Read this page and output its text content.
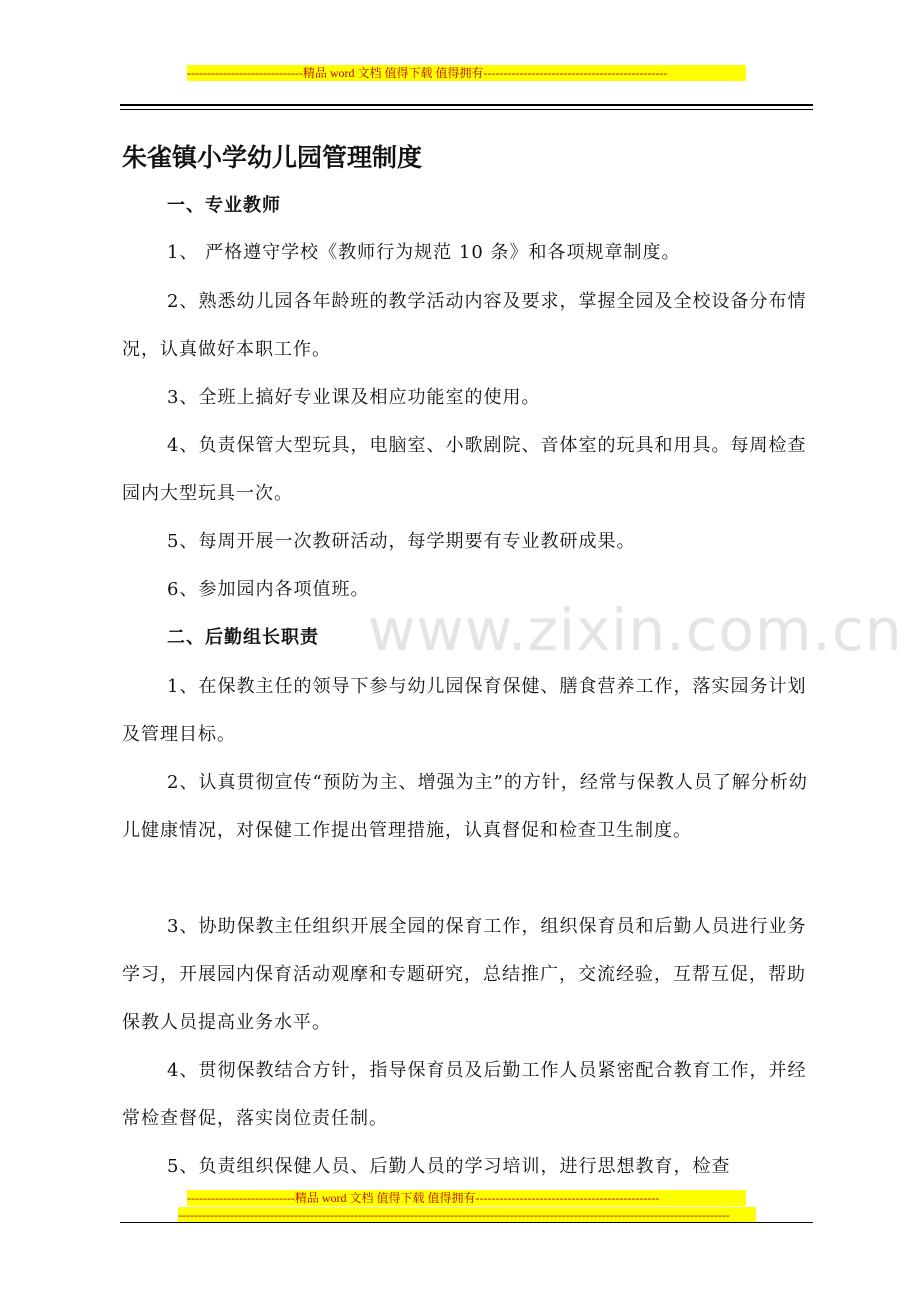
-----------------------------精品 word 文档 值得下载 值得拥有----------------------------------------------
朱雀镇小学幼儿园管理制度
www.zixin.com.cn

一、专业教师

1、 严格遵守学校《教师行为规范 10 条》和各项规章制度。

2、熟悉幼儿园各年龄班的教学活动内容及要求，掌握全园及全校设备分布情况，认真做好本职工作。

3、全班上搞好专业课及相应功能室的使用。

4、负责保管大型玩具，电脑室、小歌剧院、音体室的玩具和用具。每周检查园内大型玩具一次。

5、每周开展一次教研活动，每学期要有专业教研成果。

6、参加园内各项值班。

二、后勤组长职责

1、在保教主任的领导下参与幼儿园保育保健、膳食营养工作，落实园务计划及管理目标。

2、认真贯彻宣传“预防为主、增强为主”的方针，经常与保教人员了解分析幼儿健康情况，对保健工作提出管理措施，认真督促和检查卫生制度。

3、协助保教主任组织开展全园的保育工作，组织保育员和后勤人员进行业务学习，开展园内保育活动观摩和专题研究，总结推广，交流经验，互帮互促，帮助保教人员提高业务水平。

4、贯彻保教结合方针，指导保育员及后勤工作人员紧密配合教育工作，并经常检查督促，落实岗位责任制。

5、负责组织保健人员、后勤人员的学习培训，进行思想教育，检查

---------------------------精品 word 文档 值得下载 值得拥有----------------------------------------------
------------------------------------------------------------------------------------------------------------------------------------------
